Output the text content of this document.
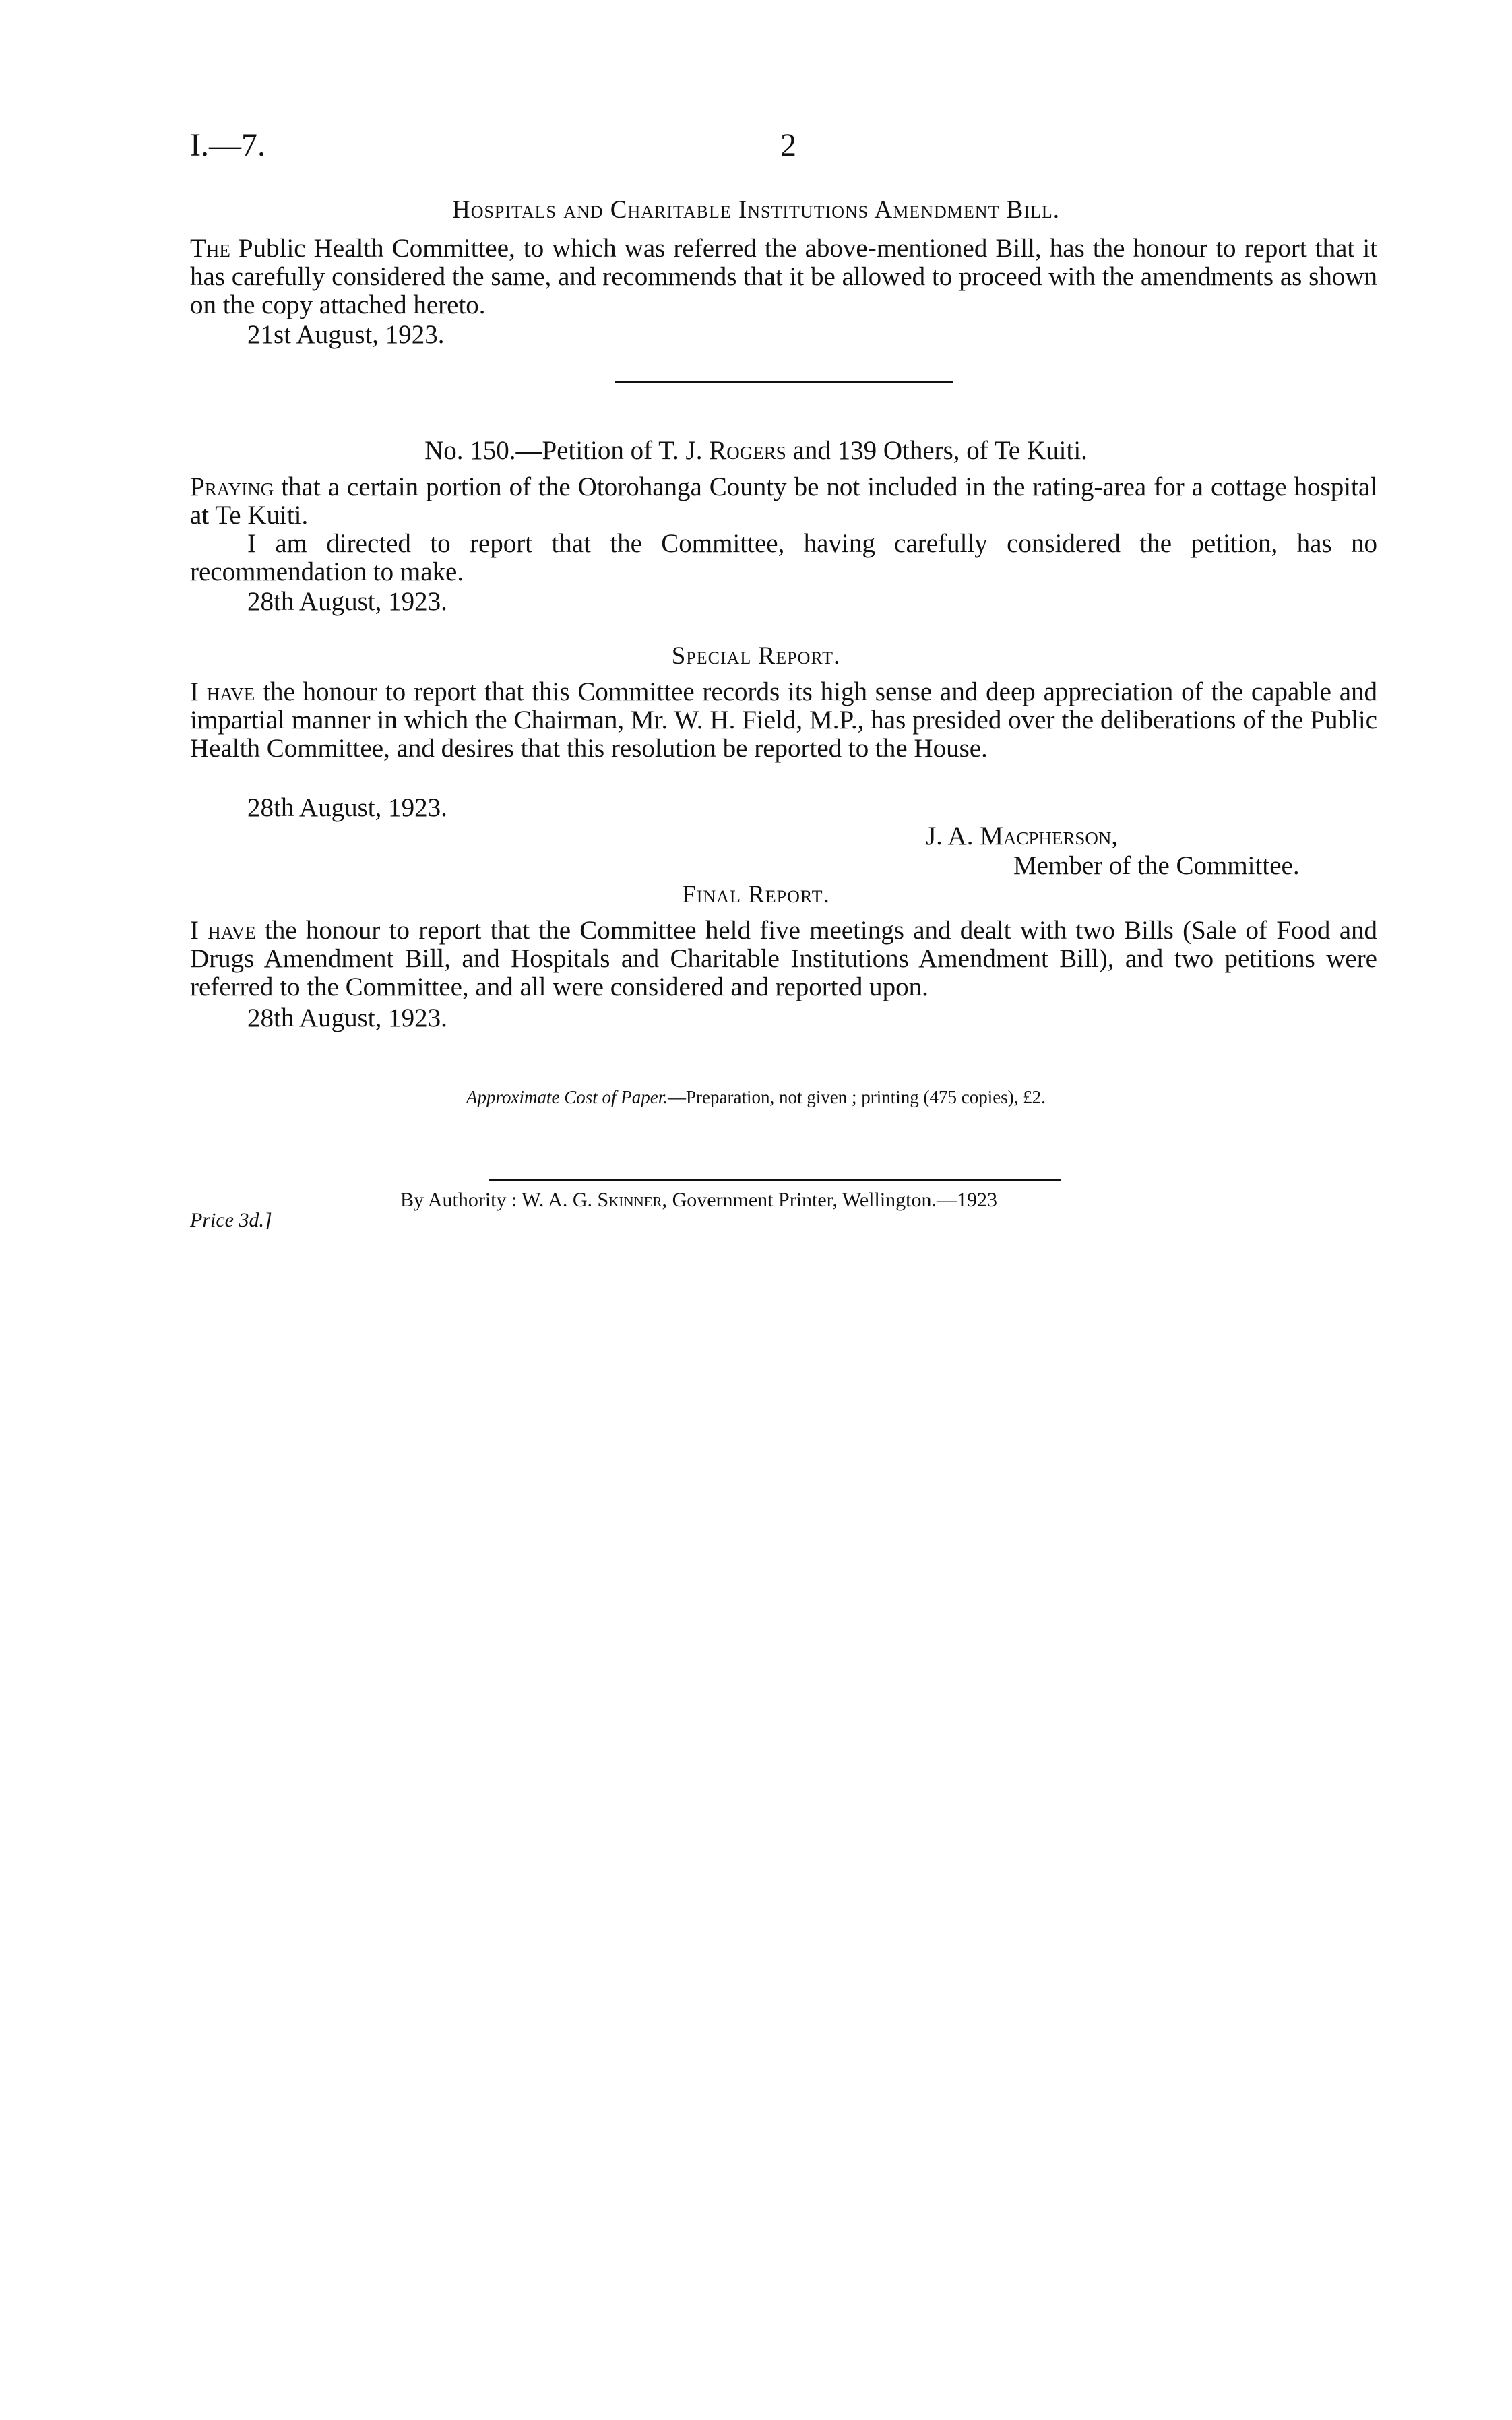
I.—7.	2
Hospitals and Charitable Institutions Amendment Bill.
The Public Health Committee, to which was referred the above-mentioned Bill, has the honour to report that it has carefully considered the same, and recommends that it be allowed to proceed with the amendments as shown on the copy attached hereto.
21st August, 1923.
No. 150.—Petition of T. J. Rogers and 139 Others, of Te Kuiti.
Praying that a certain portion of the Otorohanga County be not included in the rating-area for a cottage hospital at Te Kuiti.
I am directed to report that the Committee, having carefully considered the petition, has no recommendation to make.
28th August, 1923.
Special Report.
I have the honour to report that this Committee records its high sense and deep appreciation of the capable and impartial manner in which the Chairman, Mr. W. H. Field, M.P., has presided over the deliberations of the Public Health Committee, and desires that this resolution be reported to the House.
28th August, 1923.
J. A. Macpherson,
Member of the Committee.
Final Report.
I have the honour to report that the Committee held five meetings and dealt with two Bills (Sale of Food and Drugs Amendment Bill, and Hospitals and Charitable Institutions Amendment Bill), and two petitions were referred to the Committee, and all were considered and reported upon.
28th August, 1923.
Approximate Cost of Paper.—Preparation, not given ; printing (475 copies), £2.
By Authority : W. A. G. Skinner, Government Printer, Wellington.—1923
Price 3d.]
